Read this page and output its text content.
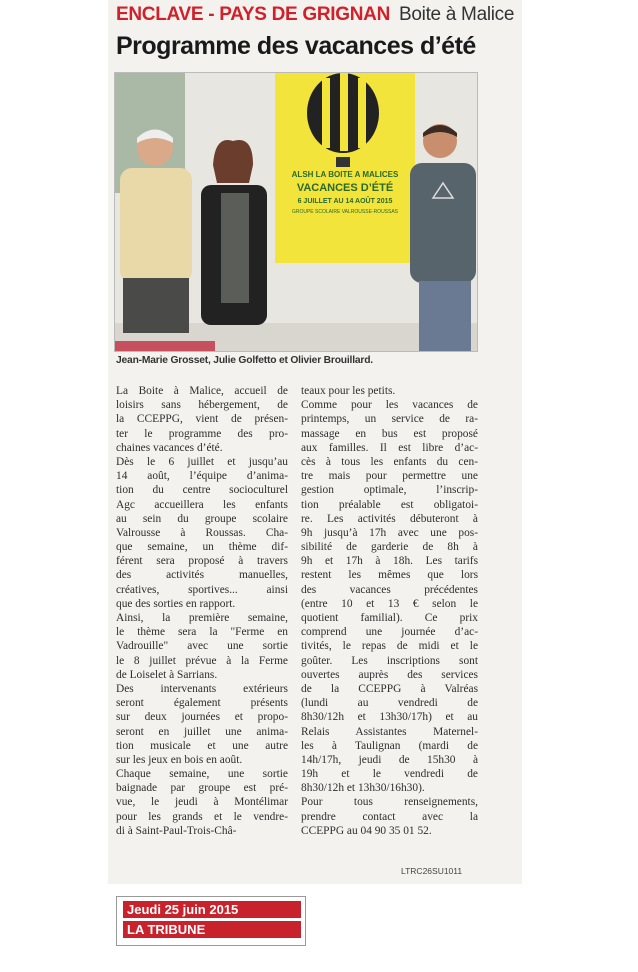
ENCLAVE - PAYS DE GRIGNAN Boite à Malice
Programme des vacances d’été
ALSH LA BOITE A MALICES
VACANCES D’ÉTÉ
6 JUILLET AU 14 AOÛT 2015
GROUPE SCOLAIRE VALROUSSE-ROUSSAS
Jean-Marie Grosset, Julie Golfetto et Olivier Brouillard.
La Boite à Malice, accueil de
loisirs sans hébergement, de
la CCEPPG, vient de présen-
ter le programme des pro-
chaines vacances d’été.
Dès le 6 juillet et jusqu’au
14 août, l’équipe d’anima-
tion du centre socioculturel
Agc accueillera les enfants
au sein du groupe scolaire
Valrousse à Roussas. Cha-
que semaine, un thème dif-
férent sera proposé à travers
des activités manuelles,
créatives, sportives... ainsi
que des sorties en rapport.
Ainsi, la première semaine,
le thème sera la "Ferme en
Vadrouille" avec une sortie
le 8 juillet prévue à la Ferme
de Loiselet à Sarrians.
Des intervenants extérieurs
seront également présents
sur deux journées et propo-
seront en juillet une anima-
tion musicale et une autre
sur les jeux en bois en août.
Chaque semaine, une sortie
baignade par groupe est pré-
vue, le jeudi à Montélimar
pour les grands et le vendre-
di à Saint-Paul-Trois-Châ-
teaux pour les petits.
Comme pour les vacances de
printemps, un service de ra-
massage en bus est proposé
aux familles. Il est libre d’ac-
cès à tous les enfants du cen-
tre mais pour permettre une
gestion optimale, l’inscrip-
tion préalable est obligatoi-
re. Les activités débuteront à
9h jusqu’à 17h avec une pos-
sibilité de garderie de 8h à
9h et 17h à 18h. Les tarifs
restent les mêmes que lors
des vacances précédentes
(entre 10 et 13 € selon le
quotient familial). Ce prix
comprend une journée d’ac-
tivités, le repas de midi et le
goûter. Les inscriptions sont
ouvertes auprès des services
de la CCEPPG à Valréas
(lundi au vendredi de
8h30/12h et 13h30/17h) et au
Relais Assistantes Maternel-
les à Taulignan (mardi de
14h/17h, jeudi de 15h30 à
19h et le vendredi de
8h30/12h et 13h30/16h30).
Pour tous renseignements,
prendre contact avec la
CCEPPG au 04 90 35 01 52.
LTRC26SU1011
Jeudi 25 juin 2015
LA TRIBUNE
